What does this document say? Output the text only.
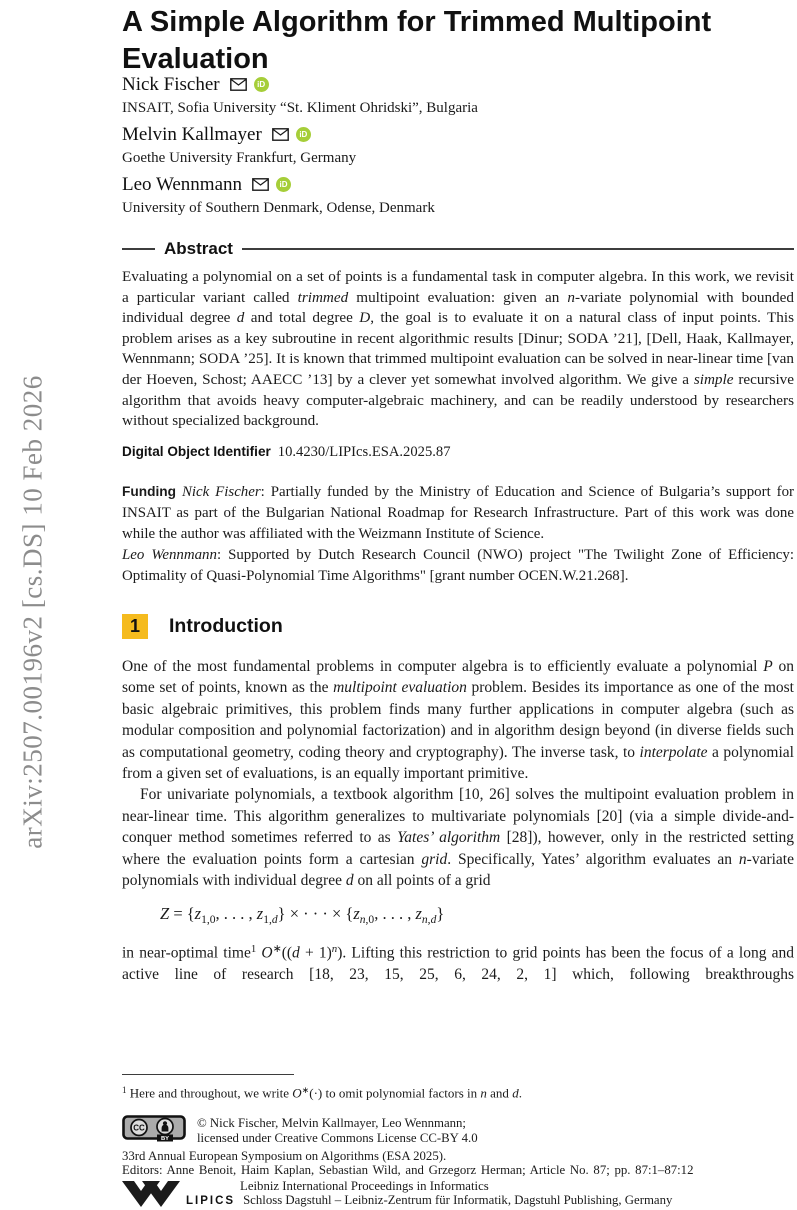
arXiv:2507.00196v2 [cs.DS] 10 Feb 2026
A Simple Algorithm for Trimmed Multipoint
Evaluation
Nick Fischer	iD
INSAIT, Sofia University “St. Kliment Ohridski”, Bulgaria
Melvin Kallmayer	iD
Goethe University Frankfurt, Germany
Leo Wennmann	iD
University of Southern Denmark, Odense, Denmark
Abstract
Evaluating a polynomial on a set of points is a fundamental task in computer algebra. In this work, we revisit a particular variant called trimmed multipoint evaluation: given an n-variate polynomial with bounded individual degree d and total degree D, the goal is to evaluate it on a natural class of input points. This problem arises as a key subroutine in recent algorithmic results [Dinur; SODA ’21], [Dell, Haak, Kallmayer, Wennmann; SODA ’25]. It is known that trimmed multipoint evaluation can be solved in near-linear time [van der Hoeven, Schost; AAECC ’13] by a clever yet somewhat involved algorithm. We give a simple recursive algorithm that avoids heavy computer-algebraic machinery, and can be readily understood by researchers without specialized background.
Digital Object Identifier 10.4230/LIPIcs.ESA.2025.87
Funding Nick Fischer: Partially funded by the Ministry of Education and Science of Bulgaria’s support for INSAIT as part of the Bulgarian National Roadmap for Research Infrastructure. Part of this work was done while the author was affiliated with the Weizmann Institute of Science.
Leo Wennmann: Supported by Dutch Research Council (NWO) project "The Twilight Zone of Efficiency: Optimality of Quasi-Polynomial Time Algorithms" [grant number OCEN.W.21.268].
1	Introduction
One of the most fundamental problems in computer algebra is to efficiently evaluate a polynomial P on some set of points, known as the multipoint evaluation problem. Besides its importance as one of the most basic algebraic primitives, this problem finds many further applications in computer algebra (such as modular composition and polynomial factorization) and in algorithm design beyond (in diverse fields such as computational geometry, coding theory and cryptography). The inverse task, to interpolate a polynomial from a given set of evaluations, is an equally important primitive.
For univariate polynomials, a textbook algorithm [10, 26] solves the multipoint evaluation problem in near-linear time. This algorithm generalizes to multivariate polynomials [20] (via a simple divide-and-conquer method sometimes referred to as Yates’ algorithm [28]), however, only in the restricted setting where the evaluation points form a cartesian grid. Specifically, Yates’ algorithm evaluates an n-variate polynomials with individual degree d on all points of a grid
$Z = \{z_{1,0}$, . . . , $z_{1,d}$} × · · · × {$z_{n,0}$, . . . , $z_{n,d}$}
in near-optimal time$^1$ $O^∗((d + 1)^n)$. Lifting this restriction to grid points has been the focus of a long and active line of research [18, 23, 15, 25, 6, 24, 2, 1] which, following breakthroughs
$^1$ Here and throughout, we write O∗(·) to omit polynomial factors in n and d.
CC
BY
© Nick Fischer, Melvin Kallmayer, Leo Wennmann;
licensed under Creative Commons License CC-BY 4.0
33rd Annual European Symposium on Algorithms (ESA 2025).
Editors: Anne Benoit, Haim Kaplan, Sebastian Wild, and Grzegorz Herman; Article No. 87; pp. 87:1–87:12
Leibniz International Proceedings in Informatics
LIPICS Schloss Dagstuhl – Leibniz-Zentrum für Informatik, Dagstuhl Publishing, Germany
